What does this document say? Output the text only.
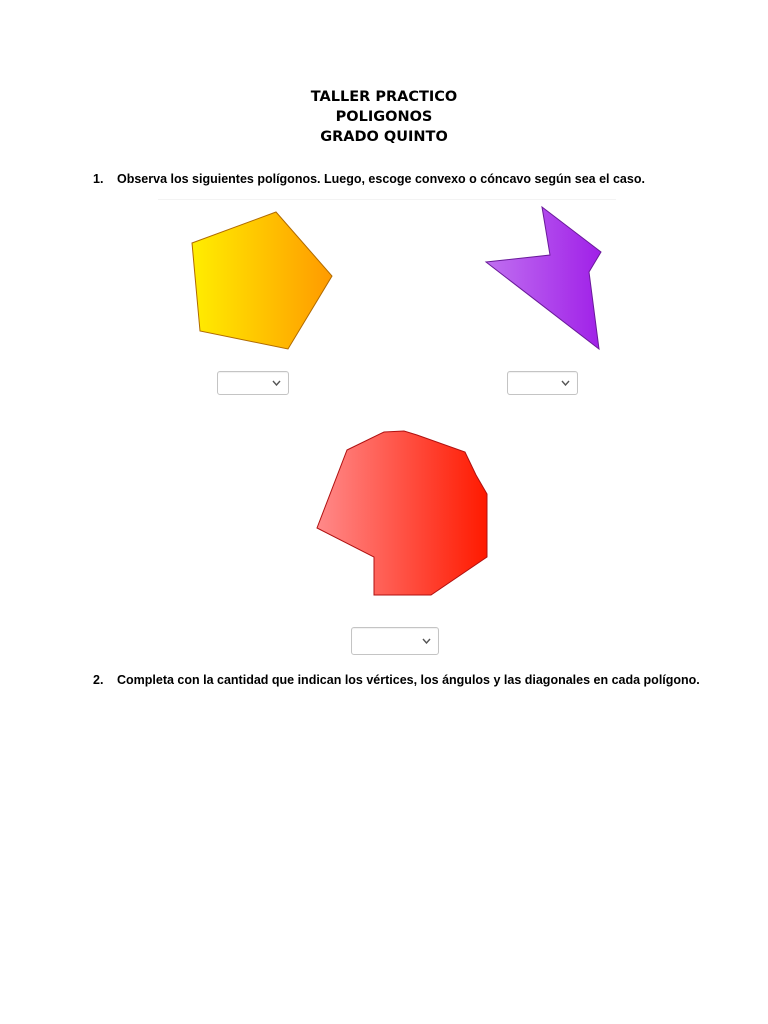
TALLER PRACTICO
POLIGONOS
GRADO QUINTO
1. Observa los siguientes polígonos. Luego, escoge convexo o cóncavo según sea el caso.
2. Completa con la cantidad que indican los vértices, los ángulos y las diagonales en cada polígono.
